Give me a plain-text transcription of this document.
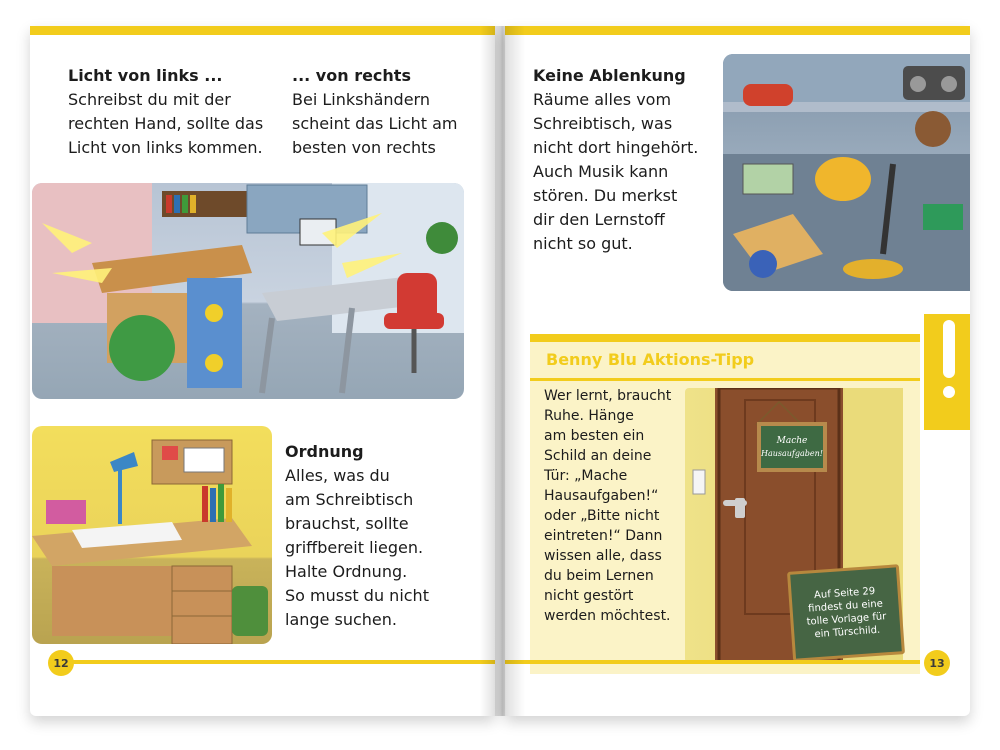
Licht von links ...

Schreibst du mit der

rechten Hand, sollte das

Licht von links kommen.

... von rechts

Bei Linkshändern

scheint das Licht am

besten von rechts

Ordnung

Alles, was du

am Schreibtisch

brauchst, sollte

griffbereit liegen.

Halte Ordnung.

So musst du nicht

lange suchen.

12
Keine Ablenkung

Räume alles vom

Schreibtisch, was

nicht dort hingehört.

Auch Musik kann

stören. Du merkst

dir den Lernstoff

nicht so gut.

Benny Blu Aktions-Tipp
Wer lernt, braucht
Ruhe. Hänge
am besten ein
Schild an deine
Tür: „Mache
Hausaufgaben!“
oder „Bitte nicht
eintreten!“ Dann
wissen alle, dass
du beim Lernen
nicht gestört
werden möchtest.
Mache
Hausaufgaben!
Auf Seite 29 findest du eine tolle Vorlage für ein Türschild.
13
